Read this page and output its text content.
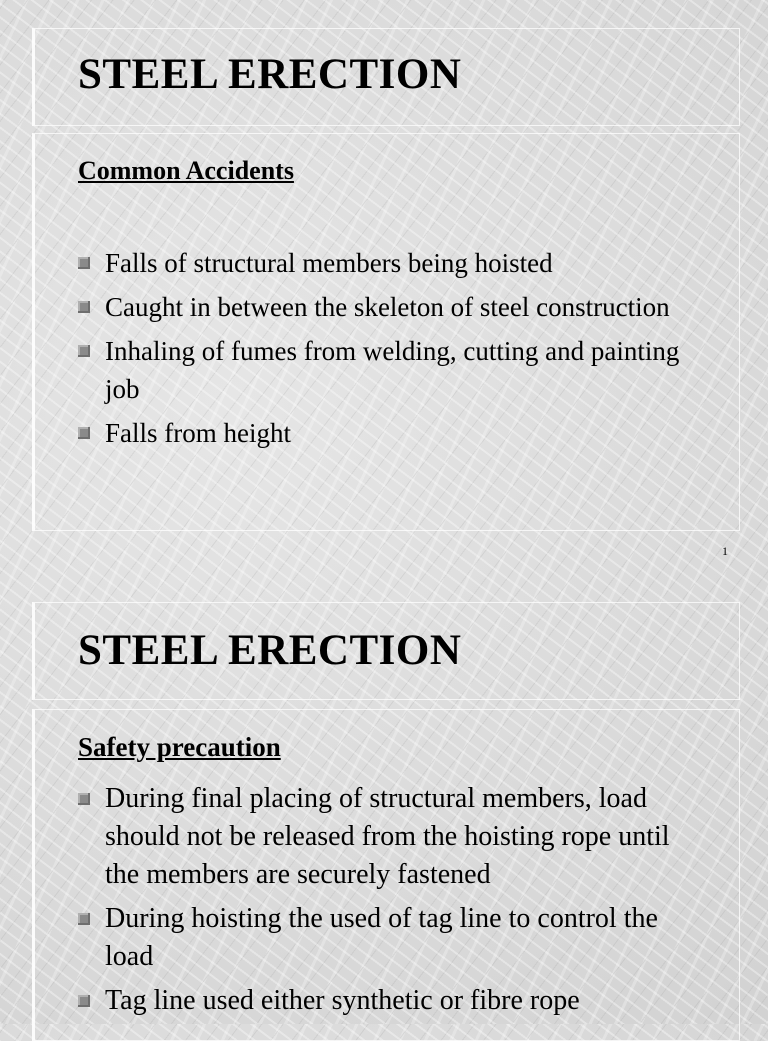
STEEL ERECTION
Common Accidents
Falls of structural members being hoisted
Caught in between the skeleton of steel construction
Inhaling of fumes from welding, cutting and painting job
Falls from height
1
STEEL ERECTION
Safety precaution
During final placing of structural members, load should not be released from the hoisting rope until the members are securely fastened
During hoisting the used of tag line to control the load
Tag line used either synthetic or fibre rope
